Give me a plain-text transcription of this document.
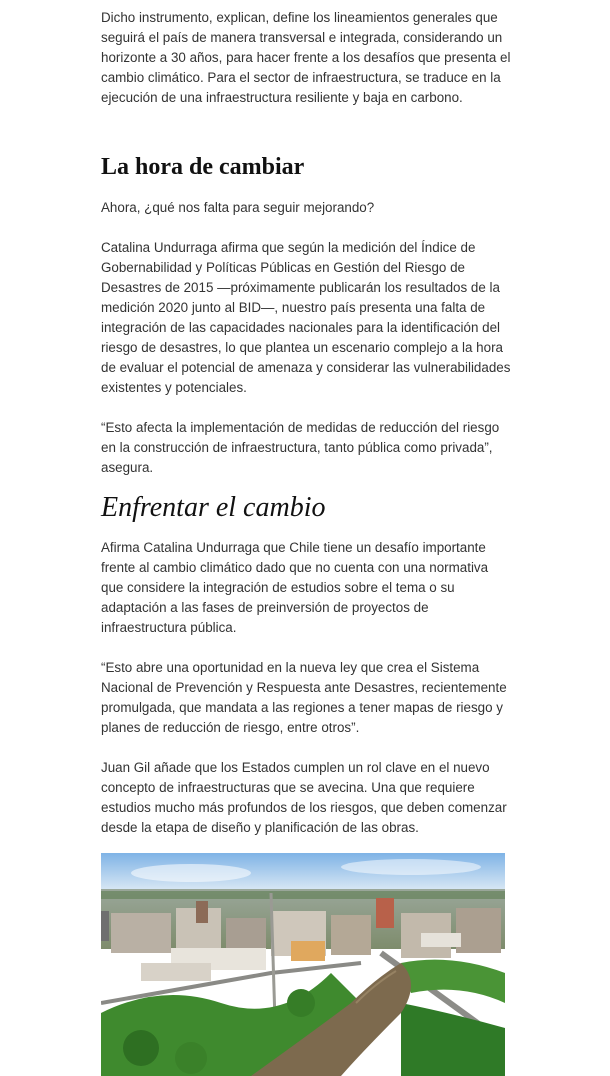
Dicho instrumento, explican, define los lineamientos generales que seguirá el país de manera transversal e integrada, considerando un horizonte a 30 años, para hacer frente a los desafíos que presenta el cambio climático. Para el sector de infraestructura, se traduce en la ejecución de una infraestructura resiliente y baja en carbono.

La hora de cambiar

Ahora, ¿qué nos falta para seguir mejorando?

Catalina Undurraga afirma que según la medición del Índice de Gobernabilidad y Políticas Públicas en Gestión del Riesgo de Desastres de 2015 —próximamente publicarán los resultados de la medición 2020 junto al BID—, nuestro país presenta una falta de integración de las capacidades nacionales para la identificación del riesgo de desastres, lo que plantea un escenario complejo a la hora de evaluar el potencial de amenaza y considerar las vulnerabilidades existentes y potenciales.

“Esto afecta la implementación de medidas de reducción del riesgo en la construcción de infraestructura, tanto pública como privada”, asegura.

Enfrentar el cambio

Afirma Catalina Undurraga que Chile tiene un desafío importante frente al cambio climático dado que no cuenta con una normativa que considere la integración de estudios sobre el tema o su adaptación a las fases de preinversión de proyectos de infraestructura pública.

“Esto abre una oportunidad en la nueva ley que crea el Sistema Nacional de Prevención y Respuesta ante Desastres, recientemente promulgada, que mandata a las regiones a tener mapas de riesgo y planes de reducción de riesgo, entre otros”.

Juan Gil añade que los Estados cumplen un rol clave en el nuevo concepto de infraestructuras que se avecina. Una que requiere estudios mucho más profundos de los riesgos, que deben comenzar desde la etapa de diseño y planificación de las obras.
